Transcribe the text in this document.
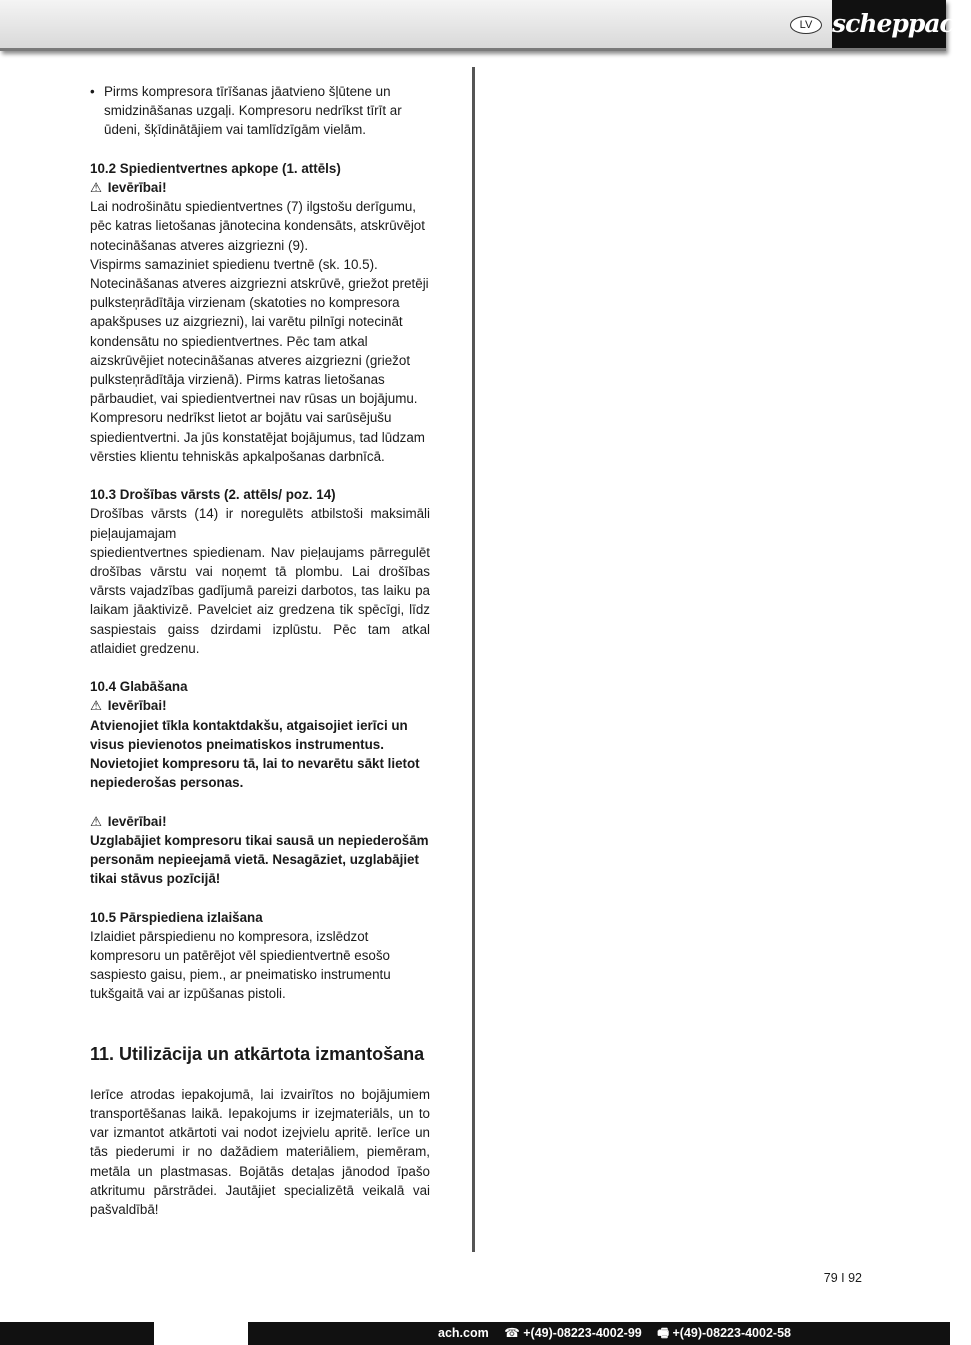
LV scheppach

• Pirms kompresora tīrīšanas jāatvieno šļūtene un smidzināšanas uzgaļi. Kompresoru nedrīkst tīrīt ar ūdeni, šķīdinātājiem vai tamlīdzīgām vielām.

10.2 Spiedientvertnes apkope (1. attēls)

⚠ Ievērībai!

Lai nodrošinātu spiedientvertnes (7) ilgstošu derīgumu, pēc katras lietošanas jānotecina kondensāts, atskrūvējot notecināšanas atveres aizgriezni (9).

Vispirms samaziniet spiedienu tvertnē (sk. 10.5).

Notecināšanas atveres aizgriezni atskrūvē, griežot pretēji pulksteņrādītāja virzienam (skatoties no kompresora apakšpuses uz aizgriezni), lai varētu pilnīgi notecināt kondensātu no spiedientvertnes. Pēc tam atkal aizskrūvējiet notecināšanas atveres aizgriezni (griežot pulksteņrādītāja virzienā). Pirms katras lietošanas pārbaudiet, vai spiedientvertnei nav rūsas un bojājumu.

Kompresoru nedrīkst lietot ar bojātu vai sarūsējušu spiedientvertni. Ja jūs konstatējat bojājumus, tad lūdzam vērsties klientu tehniskās apkalpošanas darbnīcā.

10.3 Drošības vārsts (2. attēls/ poz. 14)

Drošības vārsts (14) ir noregulēts atbilstoši maksimāli pieļaujamajam

spiedientvertnes spiedienam. Nav pieļaujams pārregulēt drošības vārstu vai noņemt tā plombu. Lai drošības vārsts vajadzības gadījumā pareizi darbotos, tas laiku pa laikam jāaktivizē. Pavelciet aiz gredzena tik spēcīgi, līdz saspiestais gaiss dzirdami izplūstu. Pēc tam atkal atlaidiet gredzenu.

10.4 Glabāšana

⚠ Ievērībai!

Atvienojiet tīkla kontaktdakšu, atgaisojiet ierīci un visus pievienotos pneimatiskos instrumentus. Novietojiet kompresoru tā, lai to nevarētu sākt lietot nepiederošas personas.

⚠ Ievērībai!

Uzglabājiet kompresoru tikai sausā un nepiederošām personām nepieejamā vietā. Nesagāziet, uzglabājiet tikai stāvus pozīcijā!

10.5 Pārspiediena izlaišana

Izlaidiet pārspiedienu no kompresora, izslēdzot kompresoru un patērējot vēl spiedientvertnē esošo saspiesto gaisu, piem., ar pneimatisko instrumentu tukšgaitā vai ar izpūšanas pistoli.

11. Utilizācija un atkārtota izmantošana

Ierīce atrodas iepakojumā, lai izvairītos no bojājumiem transportēšanas laikā. Iepakojums ir izejmateriāls, un to var izmantot atkārtoti vai nodot izejvielu apritē. Ierīce un tās piederumi ir no dažādiem materiāliem, piemēram, metāla un plastmasas. Bojātās detaļas jānodod īpašo atkritumu pārstrādei. Jautājiet specializētā veikalā vai pašvaldībā!

79 I 92
ach.com ☎ +(49)-08223-4002-99 🖷 +(49)-08223-4002-58
